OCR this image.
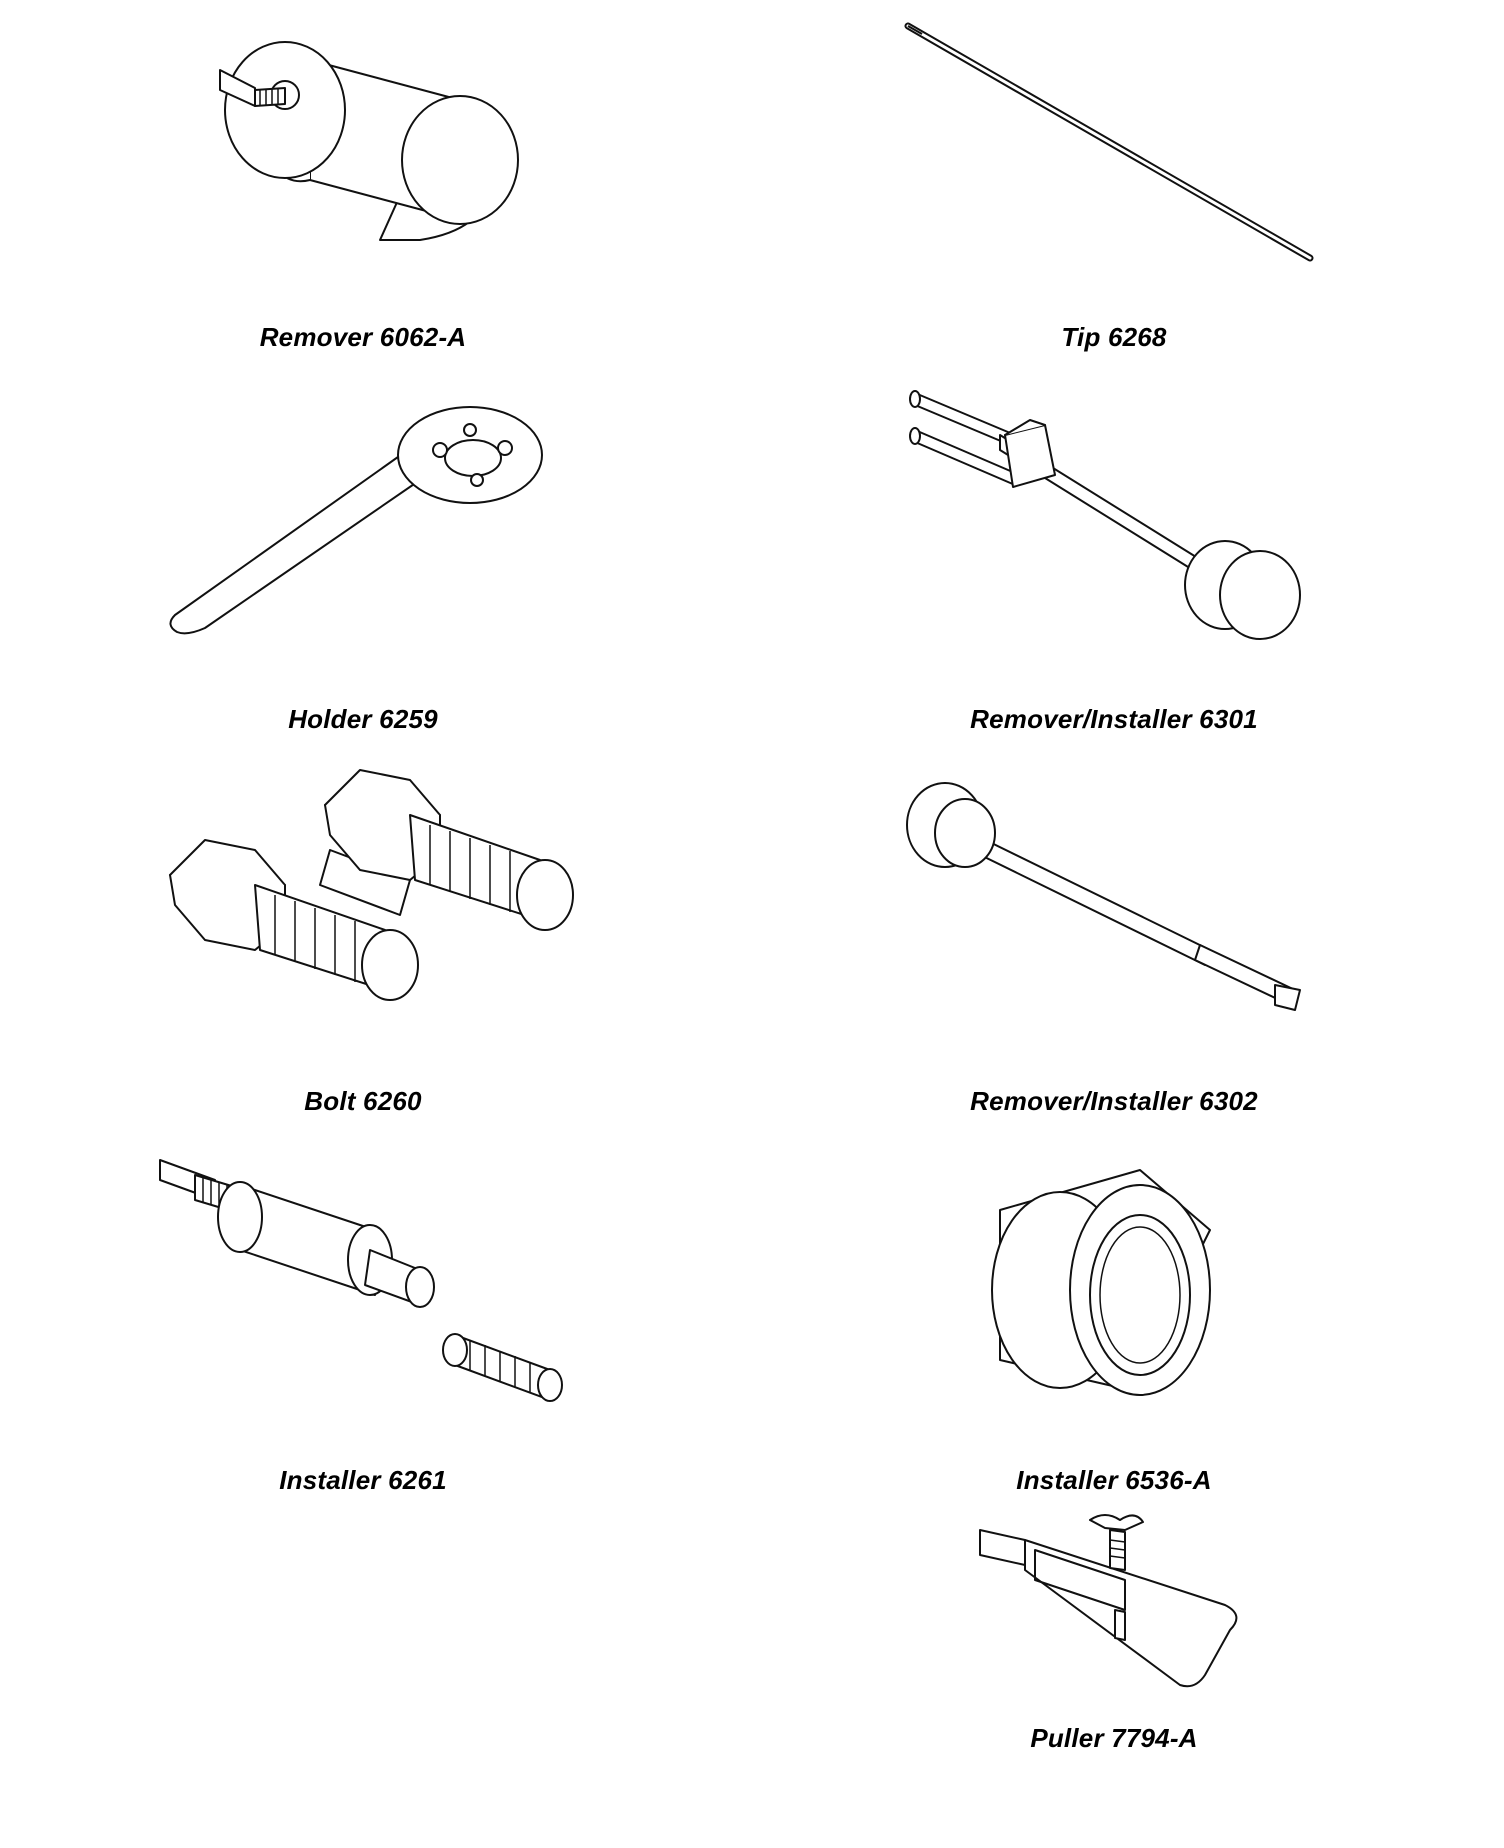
Remover 6062-A	Tip 6268
Holder 6259	Remover/Installer 6301
Bolt 6260	Remover/Installer 6302
Installer 6261	Installer 6536-A
Puller 7794-A
